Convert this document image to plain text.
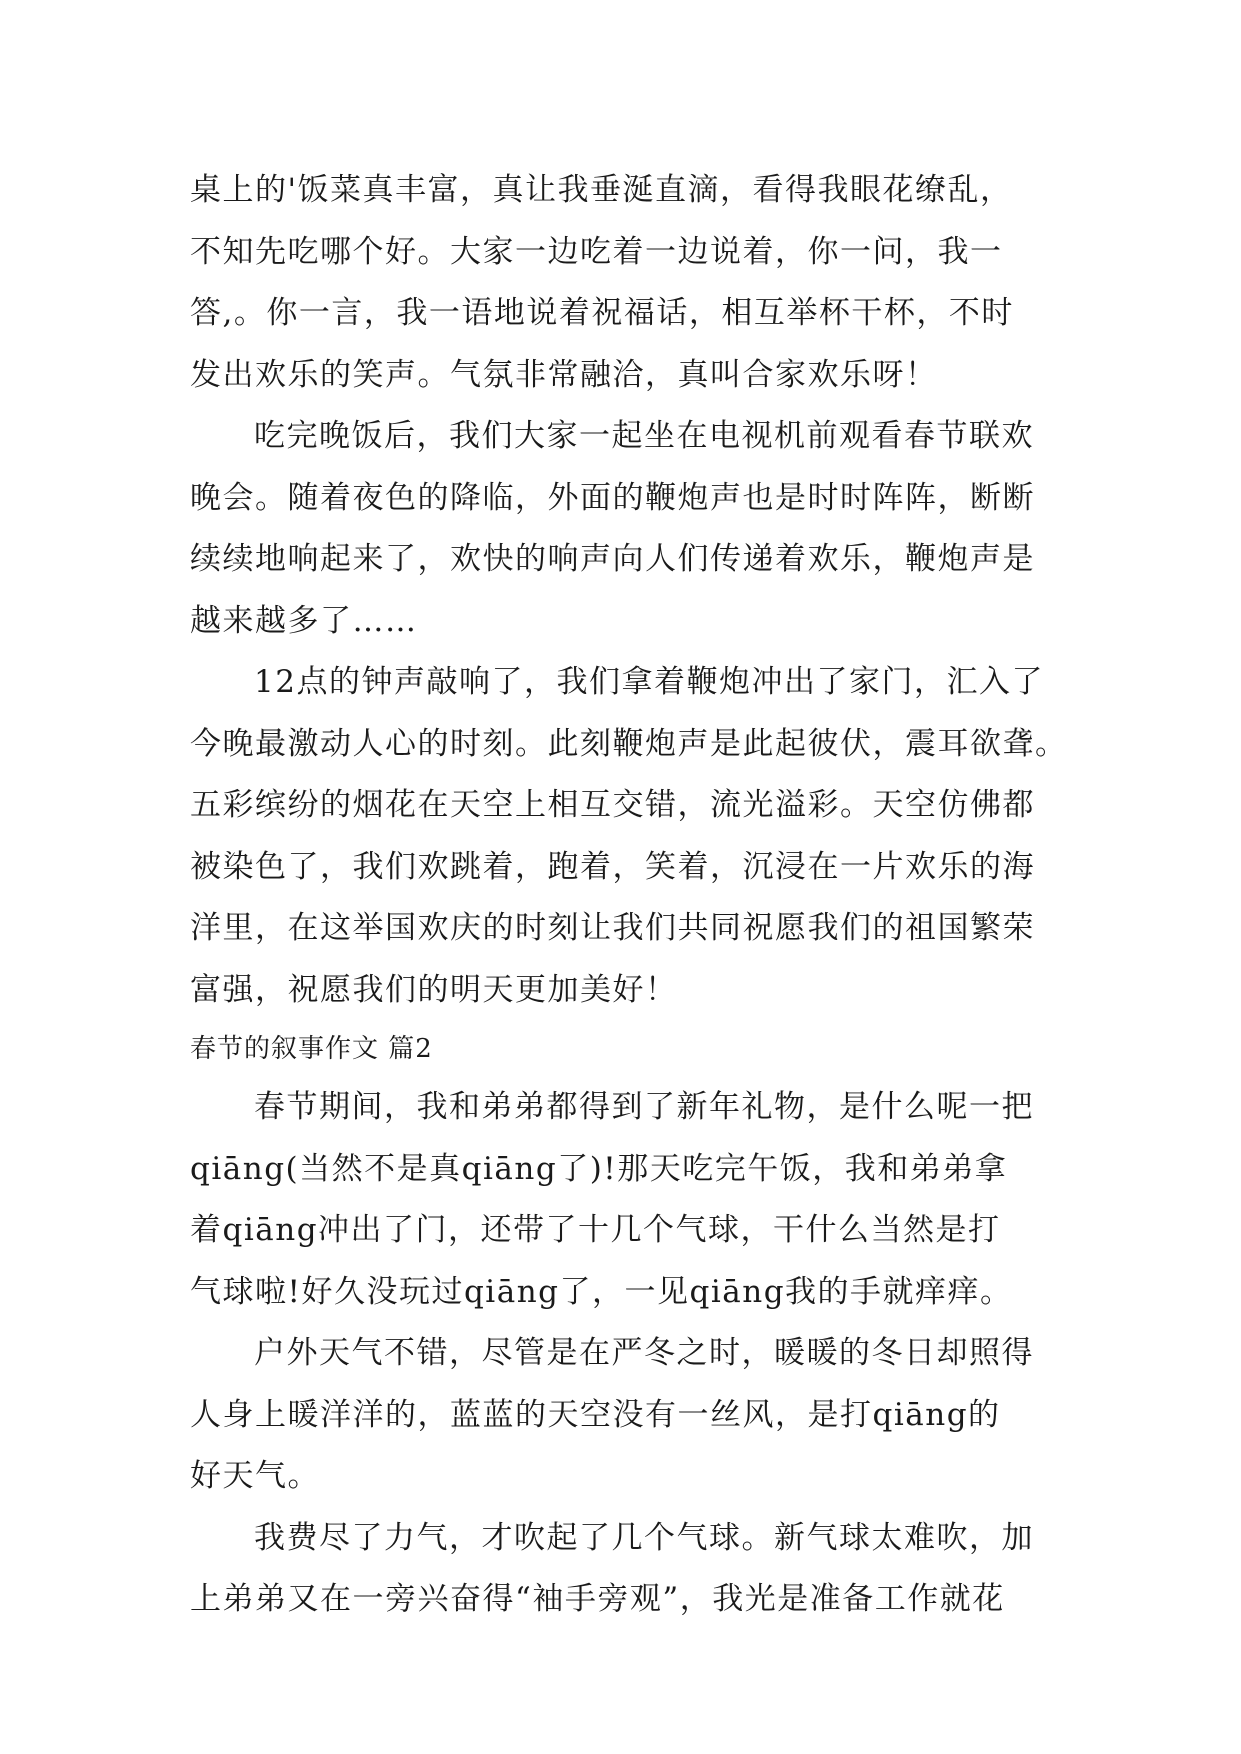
桌上的'饭菜真丰富，真让我垂涎直滴，看得我眼花缭乱，
不知先吃哪个好。大家一边吃着一边说着，你一问，我一
答,。你一言，我一语地说着祝福话，相互举杯干杯，不时
发出欢乐的笑声。气氛非常融洽，真叫合家欢乐呀！
吃完晚饭后，我们大家一起坐在电视机前观看春节联欢
晚会。随着夜色的降临，外面的鞭炮声也是时时阵阵，断断
续续地响起来了，欢快的响声向人们传递着欢乐，鞭炮声是
越来越多了……
12点的钟声敲响了，我们拿着鞭炮冲出了家门，汇入了
今晚最激动人心的时刻。此刻鞭炮声是此起彼伏，震耳欲聋。
五彩缤纷的烟花在天空上相互交错，流光溢彩。天空仿佛都
被染色了，我们欢跳着，跑着，笑着，沉浸在一片欢乐的海
洋里，在这举国欢庆的时刻让我们共同祝愿我们的祖国繁荣
富强，祝愿我们的明天更加美好！
春节的叙事作文 篇2
春节期间，我和弟弟都得到了新年礼物，是什么呢一把
qiāng(当然不是真qiāng了)!那天吃完午饭，我和弟弟拿
着qiāng冲出了门，还带了十几个气球，干什么当然是打
气球啦!好久没玩过qiāng了，一见qiāng我的手就痒痒。
户外天气不错，尽管是在严冬之时，暖暖的冬日却照得
人身上暖洋洋的，蓝蓝的天空没有一丝风，是打qiāng的
好天气。
我费尽了力气，才吹起了几个气球。新气球太难吹，加
上弟弟又在一旁兴奋得“袖手旁观”，我光是准备工作就花
